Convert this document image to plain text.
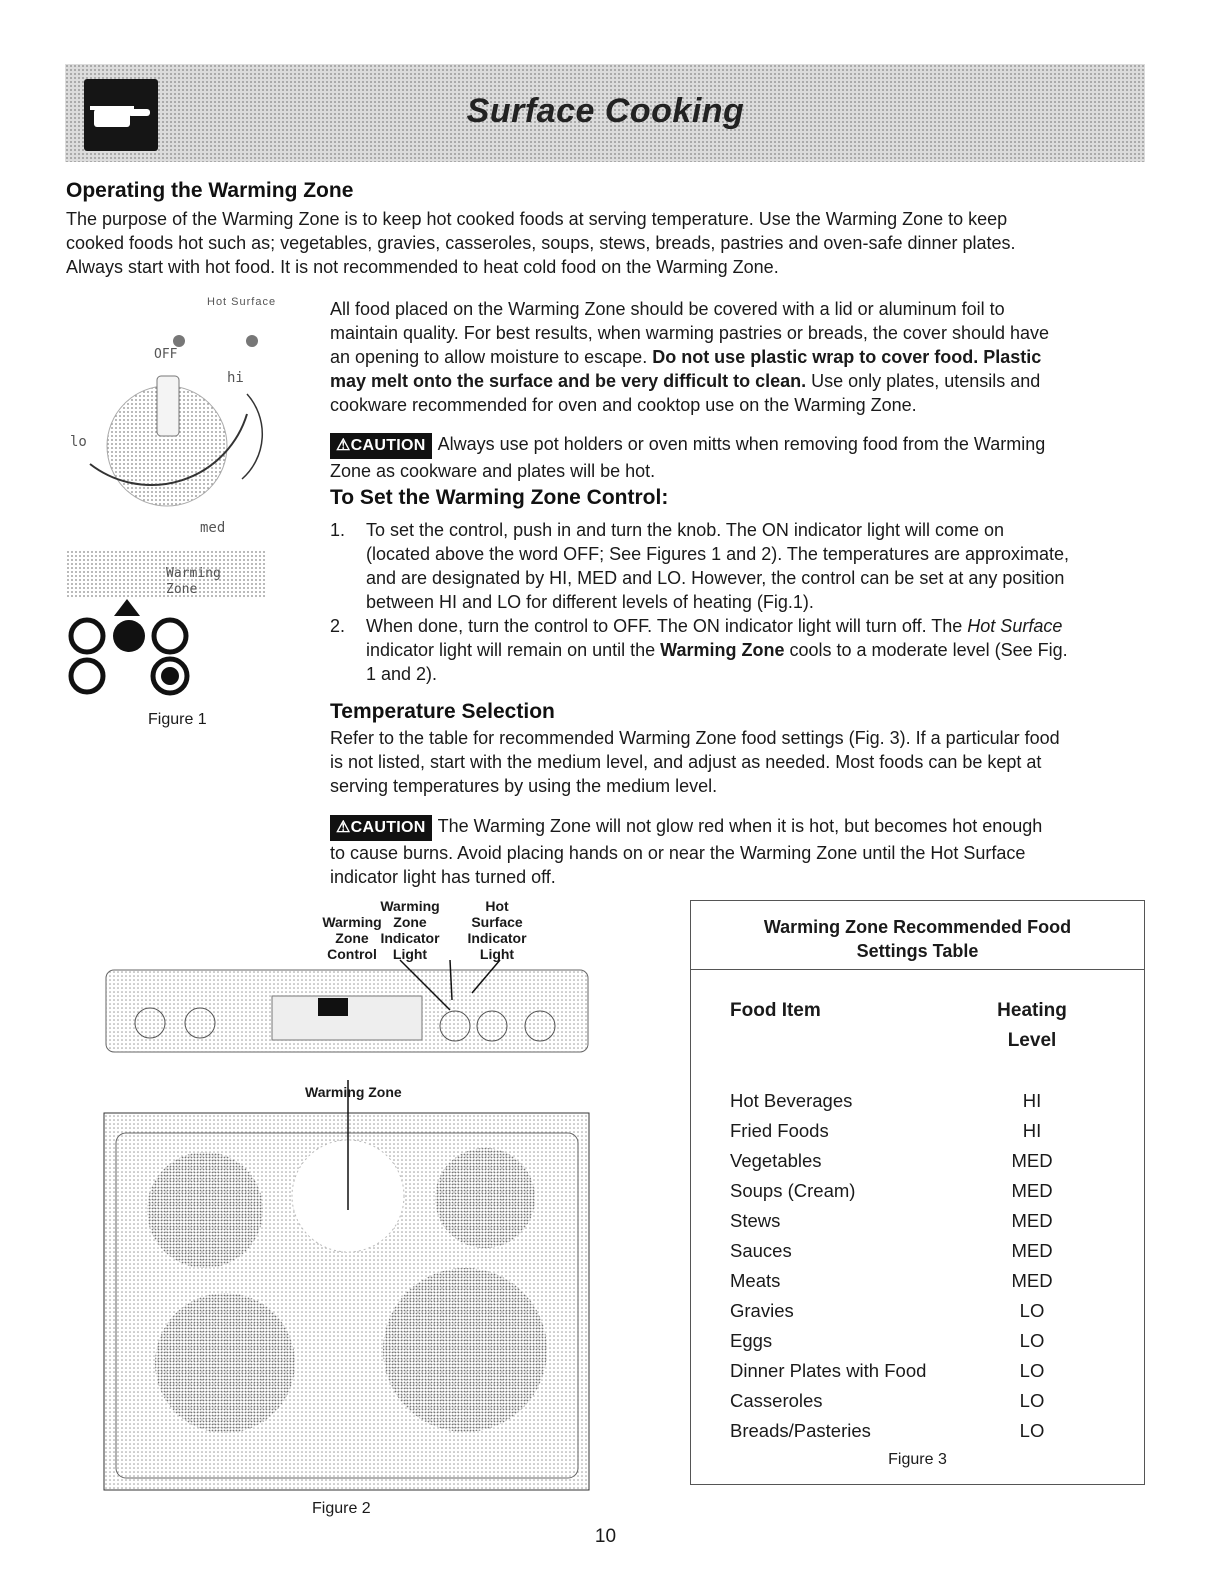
Surface Cooking
Operating the Warming Zone

The purpose of the Warming Zone is to keep hot cooked foods at serving temperature. Use the Warming Zone to keep

cooked foods hot such as; vegetables, gravies, casseroles, soups, stews, breads, pastries and oven-safe dinner plates.

Always start with hot food. It is not recommended to heat cold food on the Warming Zone.

Hot Surface
OFF
hi
lo
med
Warming
Zone
Figure 1

All food placed on the Warming Zone should be covered with a lid or aluminum foil to

maintain quality. For best results, when warming pastries or breads, the cover should have

an opening to allow moisture to escape. Do not use plastic wrap to cover food. Plastic

may melt onto the surface and be very difficult to clean. Use only plates, utensils and

cookware recommended for oven and cooktop use on the Warming Zone.

⚠CAUTION Always use pot holders or oven mitts when removing food from the Warming

Zone as cookware and plates will be hot.

To Set the Warming Zone Control:
1. To set the control, push in and turn the knob. The ON indicator light will come on
(located above the word OFF; See Figures 1 and 2). The temperatures are approximate,
and are designated by HI, MED and LO. However, the control can be set at any position
between HI and LO for different levels of heating (Fig.1).
2. When done, turn the control to OFF. The ON indicator light will turn off. The Hot Surface
indicator light will remain on until the Warming Zone cools to a moderate level (See Fig.
1 and 2).
Temperature Selection

Refer to the table for recommended Warming Zone food settings (Fig. 3). If a particular food

is not listed, start with the medium level, and adjust as needed. Most foods can be kept at

serving temperatures by using the medium level.

⚠CAUTION The Warming Zone will not glow red when it is hot, but becomes hot enough

to cause burns. Avoid placing hands on or near the Warming Zone until the Hot Surface

indicator light has turned off.

Warming
Zone
Indicator
Light
Hot
Surface
Indicator
Light
Warming
Zone
Control
Warming Zone
Figure 2
Warming Zone Recommended Food
Settings Table
Food Item	Heating
Level
Hot Beverages	HI
Fried Foods	HI
Vegetables	MED
Soups (Cream)	MED
Stews	MED
Sauces	MED
Meats	MED
Gravies	LO
Eggs	LO
Dinner Plates with Food	LO
Casseroles	LO
Breads/Pasteries	LO
Figure 3
10
